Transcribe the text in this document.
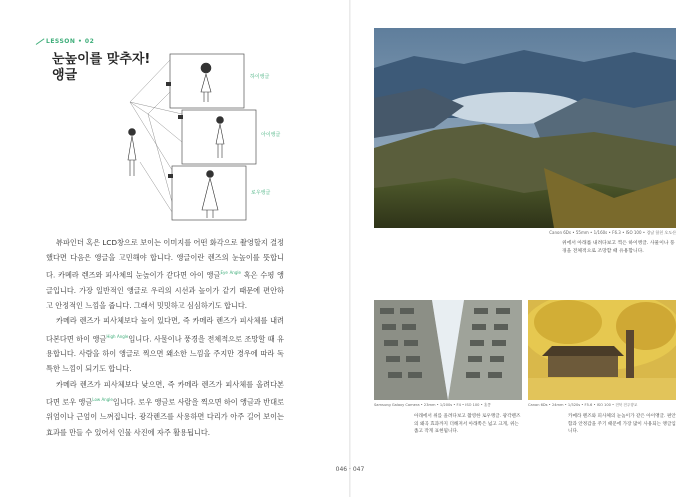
LESSON • 02
눈높이를 맞추자!
앵글	하이앵글
아이앵글
로우앵글

뷰파인더 혹은 LCD창으로 보이는 이미지를 어떤 화각으로 촬영할지 결정했다면 다음은 앵글을 고민해야 합니다. 앵글이란 렌즈의 눈높이를 뜻합니다. 카메라 렌즈와 피사체의 눈높이가 같다면 아이 앵글$^{Eye Angle}$ 혹은 수평 앵글입니다. 가장 일반적인 앵글로 우리의 시선과 높이가 같기 때문에 편안하고 안정적인 느낌을 줍니다. 그래서 밋밋하고 심심하기도 합니다.

카메라 렌즈가 피사체보다 높이 있다면, 즉 카메라 렌즈가 피사체를 내려다본다면 하이 앵글$^{High Angle}$입니다. 사물이나 풍경을 전체적으로 조망할 때 유용합니다. 사람을 하이 앵글로 찍으면 왜소한 느낌을 주지만 경우에 따라 독특한 느낌이 되기도 합니다.

카메라 렌즈가 피사체보다 낮으면, 즉 카메라 렌즈가 피사체를 올려다본다면 로우 앵글$^{Low Angle}$입니다. 로우 앵글로 사람을 찍으면 하이 앵글과 반대로 위엄이나 근엄이 느껴집니다. 광각렌즈를 사용하면 다리가 아주 길어 보이는 효과를 만들 수 있어서 인물 사진에 자주 활용됩니다.

046 · 047
Canon 6Ds • 55mm • 1/160s • F6.3 • ISO 100 • 경남 합천 오도산
위에서 아래를 내려다보고 찍은 하이앵글. 사물이나 풍경을 전체적으로 조망할 때 유용합니다.
Samsung Galaxy Camera • 23mm • 1/200s • F4 • ISO 100 • 홍콩
아래에서 위를 올려다보고 촬영한 로우앵글. 광각렌즈의 왜곡 효과까지 더해져서 아래쪽은 넓고 크게, 위는 좁고 작게 표현됩니다.
Canon 6Ds • 24mm • 1/320s • F5.6 • ISO 100 • 전북 전주향교
카메라 렌즈와 피사체의 눈높이가 같은 아이앵글. 편안함과 안정감을 주기 때문에 가장 많이 사용되는 앵글입니다.
